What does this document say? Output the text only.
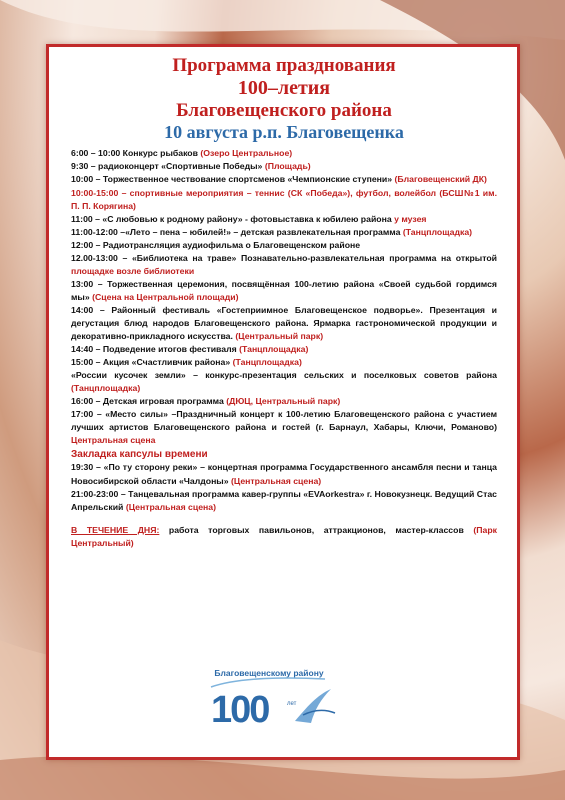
Программа празднования

100–летия

Благовещенского района

10 августа р.п. Благовещенка

6:00 – 10:00 Конкурс рыбаков (Озеро Центральное)

9:30 – радиоконцерт «Спортивные Победы» (Площадь)

10:00 – Торжественное чествование спортсменов «Чемпионские ступени» (Благовещенский ДК)

10:00-15:00 – спортивные мероприятия – теннис (СК «Победа»), футбол, волейбол (БСШ№1 им. П. П. Корягина)

11:00 – «С любовью к родному району» - фотовыставка к юбилею района у музея

11:00-12:00 –«Лето – пена – юбилей!» – детская развлекательная программа (Танцплощадка)

12:00 – Радиотрансляция аудиофильма о Благовещенском районе

12.00-13:00 – «Библиотека на траве» Познавательно-развлекательная программа на открытой площадке возле библиотеки

13:00 – Торжественная церемония, посвящённая 100-летию района «Своей судьбой гордимся мы» (Сцена на Центральной площади)

14:00 – Районный фестиваль «Гостеприимное Благовещенское подворье». Презентация и дегустация блюд народов Благовещенского района. Ярмарка гастрономической продукции и декоративно-прикладного искусства. (Центральный парк)

14:40 – Подведение итогов фестиваля (Танцплощадка)

15:00 – Акция «Счастливчик района» (Танцплощадка)

«России кусочек земли» – конкурс-презентация сельских и поселковых советов района (Танцплощадка)

16:00 – Детская игровая программа (ДЮЦ, Центральный парк)

17:00 – «Место силы» –Праздничный концерт к 100-летию Благовещенского района с участием лучших артистов Благовещенского района и гостей (г. Барнаул, Хабары, Ключи, Романово) Центральная сцена

Закладка капсулы времени

19:30 – «По ту сторону реки» – концертная программа Государственного ансамбля песни и танца Новосибирской области «Чалдоны» (Центральная сцена)

21:00-23:00 – Танцевальная программа кавер-группы «EVAorkestra» г. Новокузнецк. Ведущий Стас Апрельский (Центральная сцена)

В ТЕЧЕНИЕ ДНЯ: работа торговых павильонов, аттракционов, мастер-классов (Парк Центральный)

Благовещенскому району
100	лет
